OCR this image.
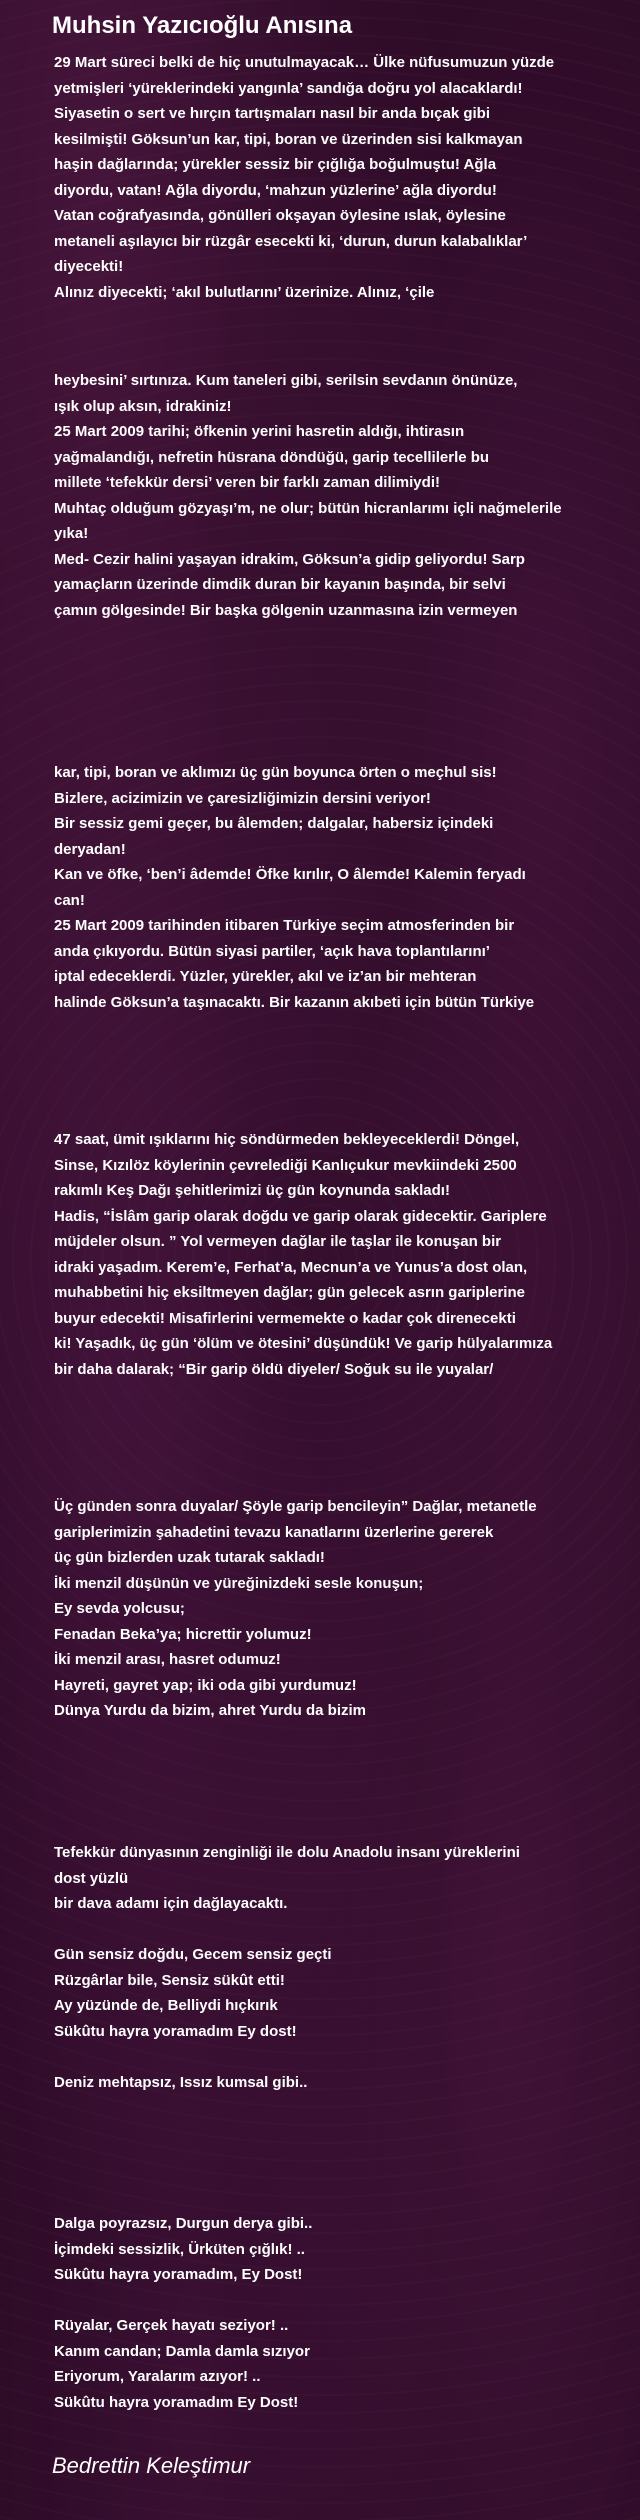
Muhsin Yazıcıoğlu Anısına
29 Mart süreci belki de hiç unutulmayacak… Ülke nüfusumuzun yüzde
yetmişleri ‘yüreklerindeki yangınla’ sandığa doğru yol alacaklardı!
Siyasetin o sert ve hırçın tartışmaları nasıl bir anda bıçak gibi
kesilmişti! Göksun’un kar, tipi, boran ve üzerinden sisi kalkmayan
haşin dağlarında; yürekler sessiz bir çığlığa boğulmuştu! Ağla
diyordu, vatan! Ağla diyordu, ‘mahzun yüzlerine’ ağla diyordu!
Vatan coğrafyasında, gönülleri okşayan öylesine ıslak, öylesine
metaneli aşılayıcı bir rüzgâr esecekti ki, ‘durun, durun kalabalıklar’
diyecekti!
Alınız diyecekti; ‘akıl bulutlarını’ üzerinize. Alınız, ‘çile
heybesini’ sırtınıza. Kum taneleri gibi, serilsin sevdanın önünüze,
ışık olup aksın, idrakiniz!
25 Mart 2009 tarihi; öfkenin yerini hasretin aldığı, ihtirasın
yağmalandığı, nefretin hüsrana döndüğü, garip tecellilerle bu
millete ‘tefekkür dersi’ veren bir farklı zaman dilimiydi!
Muhtaç olduğum gözyaşı’m, ne olur; bütün hicranlarımı içli nağmelerile
yıka!
Med- Cezir halini yaşayan idrakim, Göksun’a gidip geliyordu! Sarp
yamaçların üzerinde dimdik duran bir kayanın başında, bir selvi
çamın gölgesinde! Bir başka gölgenin uzanmasına izin vermeyen
kar, tipi, boran ve aklımızı üç gün boyunca örten o meçhul sis!
Bizlere, acizimizin ve çaresizliğimizin dersini veriyor!
Bir sessiz gemi geçer, bu âlemden; dalgalar, habersiz içindeki
deryadan!
Kan ve öfke, ‘ben’i âdemde! Öfke kırılır, O âlemde! Kalemin feryadı
can!
25 Mart 2009 tarihinden itibaren Türkiye seçim atmosferinden bir
anda çıkıyordu. Bütün siyasi partiler, ‘açık hava toplantılarını’
iptal edeceklerdi. Yüzler, yürekler, akıl ve iz’an bir mehteran
halinde Göksun’a taşınacaktı. Bir kazanın akıbeti için bütün Türkiye
47 saat, ümit ışıklarını hiç söndürmeden bekleyeceklerdi! Döngel,
Sinse, Kızılöz köylerinin çevrelediği Kanlıçukur mevkiindeki 2500
rakımlı Keş Dağı şehitlerimizi üç gün koynunda sakladı!
Hadis, “İslâm garip olarak doğdu ve garip olarak gidecektir. Gariplere
müjdeler olsun. ” Yol vermeyen dağlar ile taşlar ile konuşan bir
idraki yaşadım. Kerem’e, Ferhat’a, Mecnun’a ve Yunus’a dost olan,
muhabbetini hiç eksiltmeyen dağlar; gün gelecek asrın gariplerine
buyur edecekti! Misafirlerini vermemekte o kadar çok direnecekti
ki! Yaşadık, üç gün ‘ölüm ve ötesini’ düşündük! Ve garip hülyalarımıza
bir daha dalarak; “Bir garip öldü diyeler/ Soğuk su ile yuyalar/
Üç günden sonra duyalar/ Şöyle garip bencileyin” Dağlar, metanetle
gariplerimizin şahadetini tevazu kanatlarını üzerlerine gererek
üç gün bizlerden uzak tutarak sakladı!
İki menzil düşünün ve yüreğinizdeki sesle konuşun;
Ey sevda yolcusu;
Fenadan Beka’ya; hicrettir yolumuz!
İki menzil arası, hasret odumuz!
Hayreti, gayret yap; iki oda gibi yurdumuz!
Dünya Yurdu da bizim, ahret Yurdu da bizim
Tefekkür dünyasının zenginliği ile dolu Anadolu insanı yüreklerini
dost yüzlü
bir dava adamı için dağlayacaktı.
Gün sensiz doğdu, Gecem sensiz geçti
Rüzgârlar bile, Sensiz sükût etti!
Ay yüzünde de, Belliydi hıçkırık
Sükûtu hayra yoramadım Ey dost!
Deniz mehtapsız, Issız kumsal gibi..
Dalga poyrazsız, Durgun derya gibi..
İçimdeki sessizlik, Ürküten çığlık! ..
Sükûtu hayra yoramadım, Ey Dost!
Rüyalar, Gerçek hayatı seziyor! ..
Kanım candan; Damla damla sızıyor
Eriyorum, Yaralarım azıyor! ..
Sükûtu hayra yoramadım Ey Dost!
Bedrettin Keleştimur
